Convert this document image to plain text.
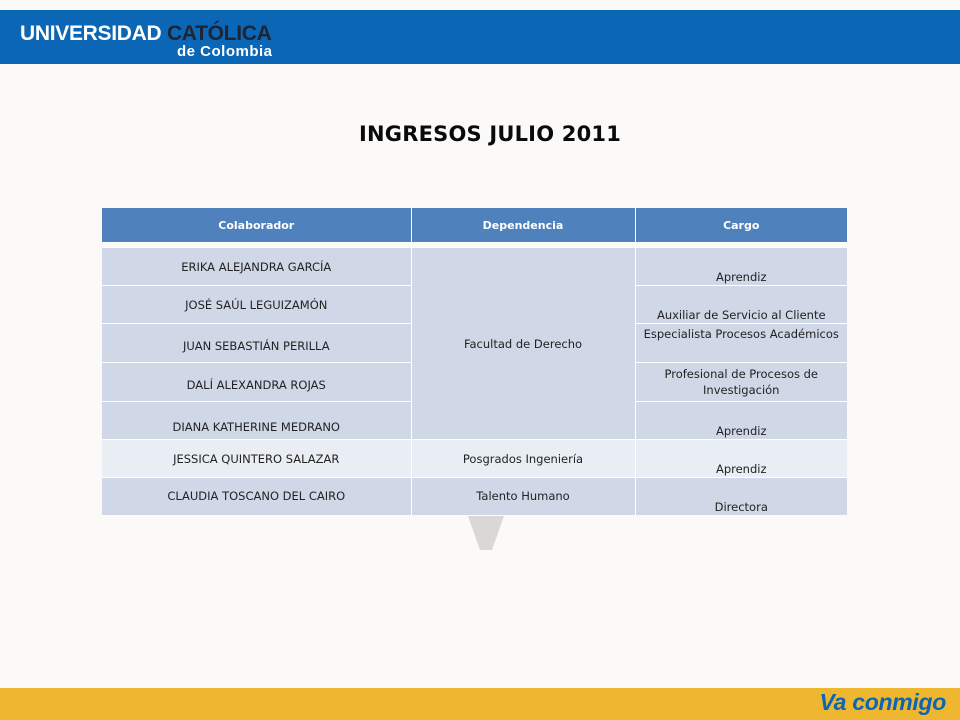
UNIVERSIDAD CATÓLICA
de Colombia
INGRESOS JULIO 2011
Colaborador	Dependencia	Cargo

ERIKA ALEJANDRA GARCÍA	Facultad de Derecho	Aprendiz
JOSÉ SAÚL LEGUIZAMÓN		Auxiliar de Servicio al Cliente
JUAN SEBASTIÁN PERILLA		Especialista Procesos Académicos
DALÍ ALEXANDRA ROJAS		Profesional de Procesos de Investigación
DIANA KATHERINE MEDRANO		Aprendiz
JESSICA QUINTERO SALAZAR	Posgrados Ingeniería	Aprendiz
CLAUDIA TOSCANO DEL CAIRO	Talento Humano	Directora
Va conmigo
